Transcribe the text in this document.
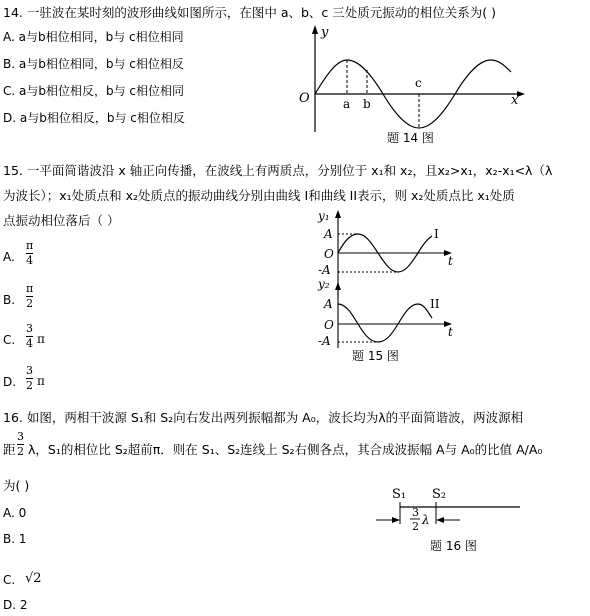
14. 一驻波在某时刻的波形曲线如图所示，在图中 a、b、c 三处质元振动的相位关系为( )
A. a与b相位相同，b与 c相位相同
B. a与b相位相同，b与 c相位相反
C. a与b相位相反，b与 c相位相同
D. a与b相位相反，b与 c相位相反
y
O	x
a b
c
题 14 图
15. 一平面简谐波沿 x 轴正向传播，在波线上有两质点，分别位于 x₁和 x₂，且x₂>x₁，x₂-x₁<λ（λ
为波长）；x₁处质点和 x₂处质点的振动曲线分别由曲线 I和曲线 II表示，则 x₂处质点比 x₁处质
点振动相位落后（ ）
A.
π
4
B.
π
2
C.
3
4 π
D.
3
2 π
y₁
A
O
-A
t
I
y₂
A
O
-A
t
II
题 15 图
16. 如图，两相干波源 S₁和 S₂向右发出两列振幅都为 A₀，波长均为λ的平面简谐波，两波源相
距
3
2 λ，S₁的相位比 S₂超前π．则在 S₁、S₂连线上 S₂右侧各点，其合成波振幅 A与 A₀的比值 A/A₀
为( )
A. 0
B. 1
C. √2
D. 2
S₁ S₂
3
2 λ
题 16 图
